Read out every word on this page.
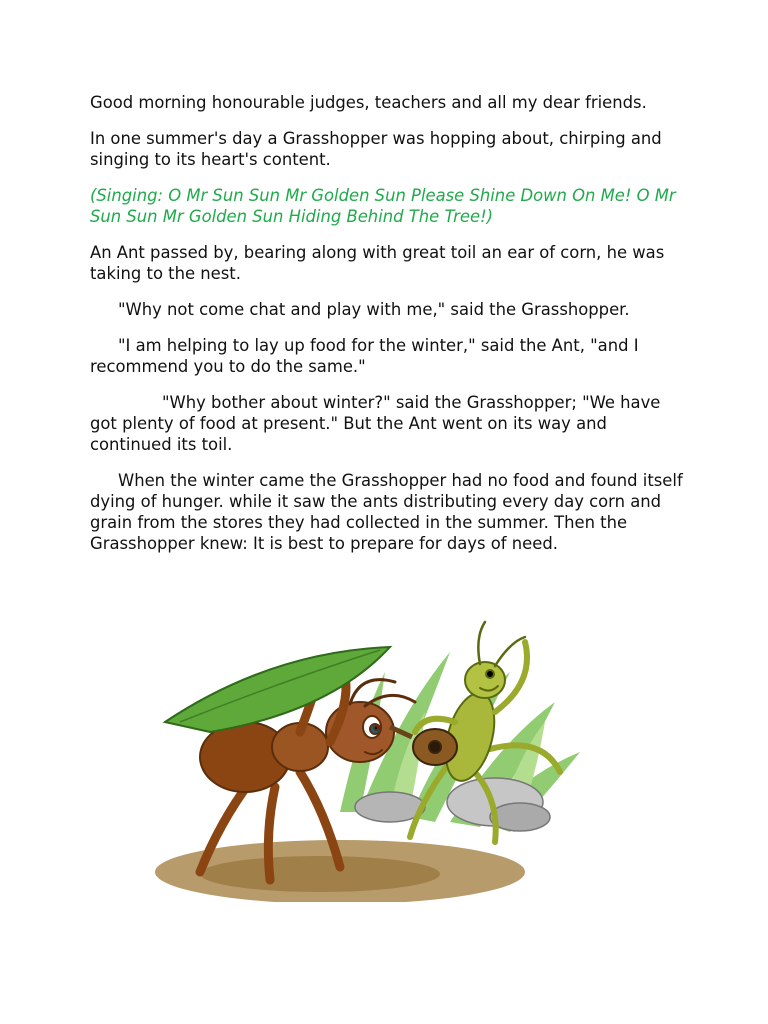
Good morning honourable judges, teachers and all my dear friends.

In one summer's day a Grasshopper was hopping about, chirping and singing to its heart's content.

(Singing: O Mr Sun Sun Mr Golden Sun Please Shine Down On Me! O Mr Sun Sun Mr Golden Sun Hiding Behind The Tree!)

An Ant passed by, bearing along with great toil an ear of corn, he was taking to the nest.

"Why not come chat and play with me," said the Grasshopper.

"I am helping to lay up food for the winter," said the Ant, "and I recommend you to do the same."

"Why bother about winter?" said the Grasshopper; "We have got plenty of food at present." But the Ant went on its way and continued its toil.

When the winter came the Grasshopper had no food and found itself dying of hunger. while it saw the ants distributing every day corn and grain from the stores they had collected in the summer. Then the Grasshopper knew: It is best to prepare for days of need.
